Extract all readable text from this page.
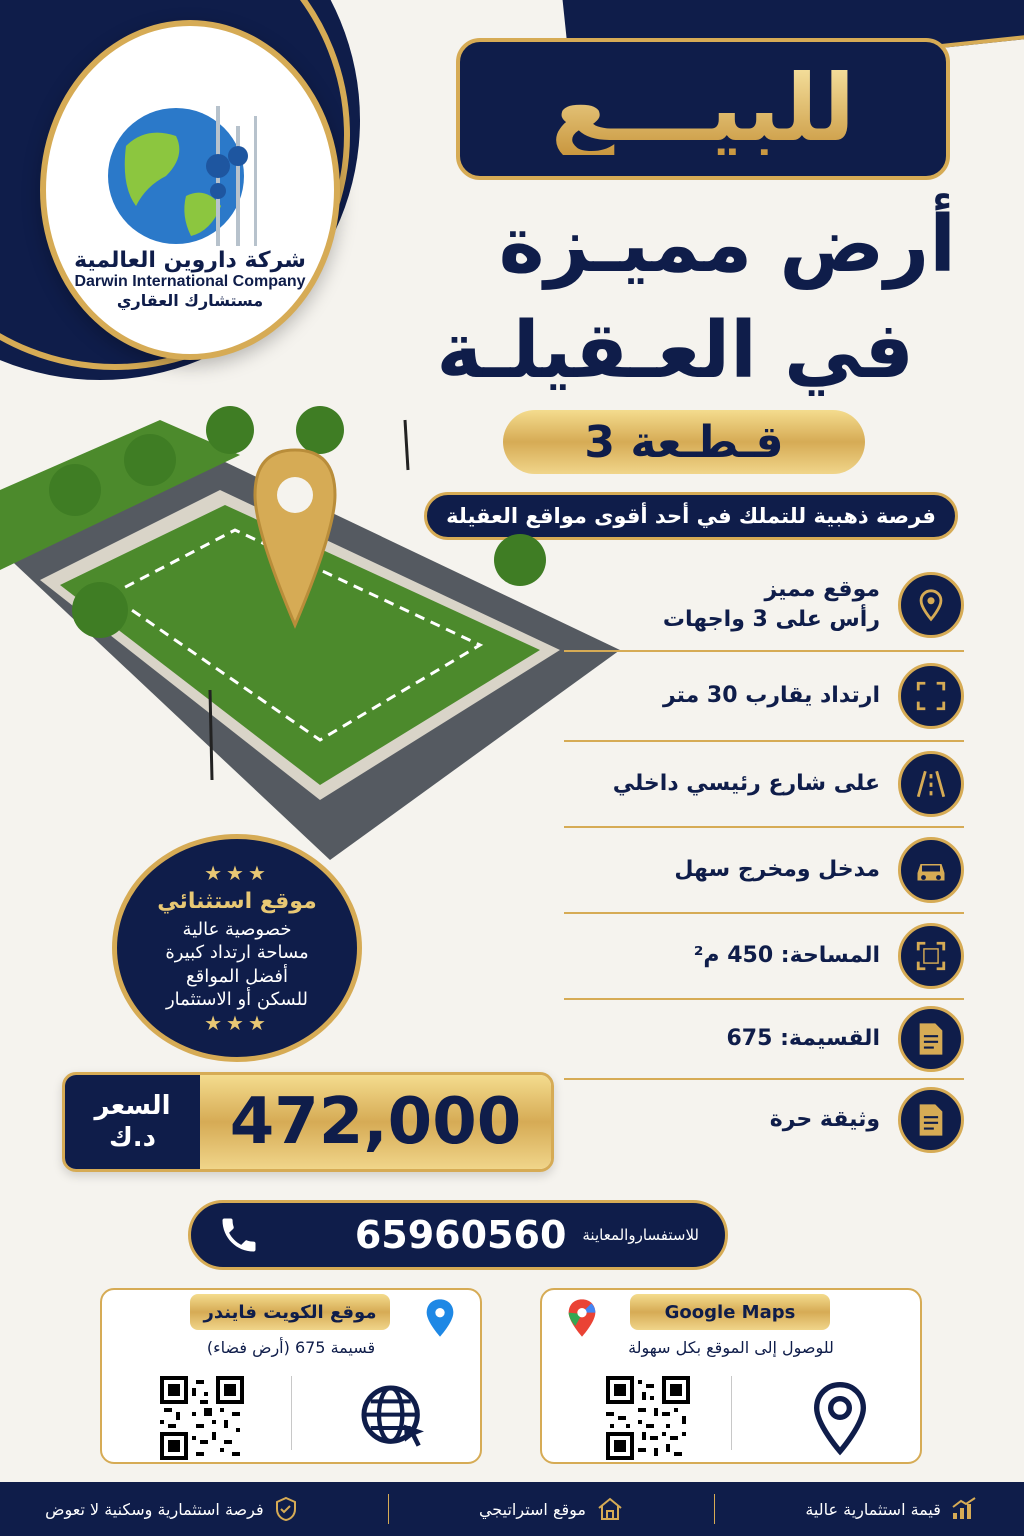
شركة داروين العالمية
Darwin International Company
مستشارك العقاري
للبيـــع
أرض مميـزة
في العـقيلـة
قـطـعة 3
فرصة ذهبية للتملك في أحد أقوى مواقع العقيلة
موقع مميز
رأس على 3 واجهات
ارتداد يقارب 30 متر
على شارع رئيسي داخلي
مدخل ومخرج سهل
المساحة: 450 م²
القسيمة: 675
وثيقة حرة
★★★
موقع استثنائي
خصوصية عالية
مساحة ارتداد كبيرة
أفضل المواقع
للسكن أو الاستثمار
★★★
السعر
د.ك	472,000
للاستفساروالمعاينة
65960560
Google Maps
للوصول إلى الموقع بكل سهولة
موقع الكويت فايندر
قسيمة 675 (أرض فضاء)
قيمة استثمارية عالية
موقع استراتيجي
فرصة استثمارية وسكنية لا تعوض
